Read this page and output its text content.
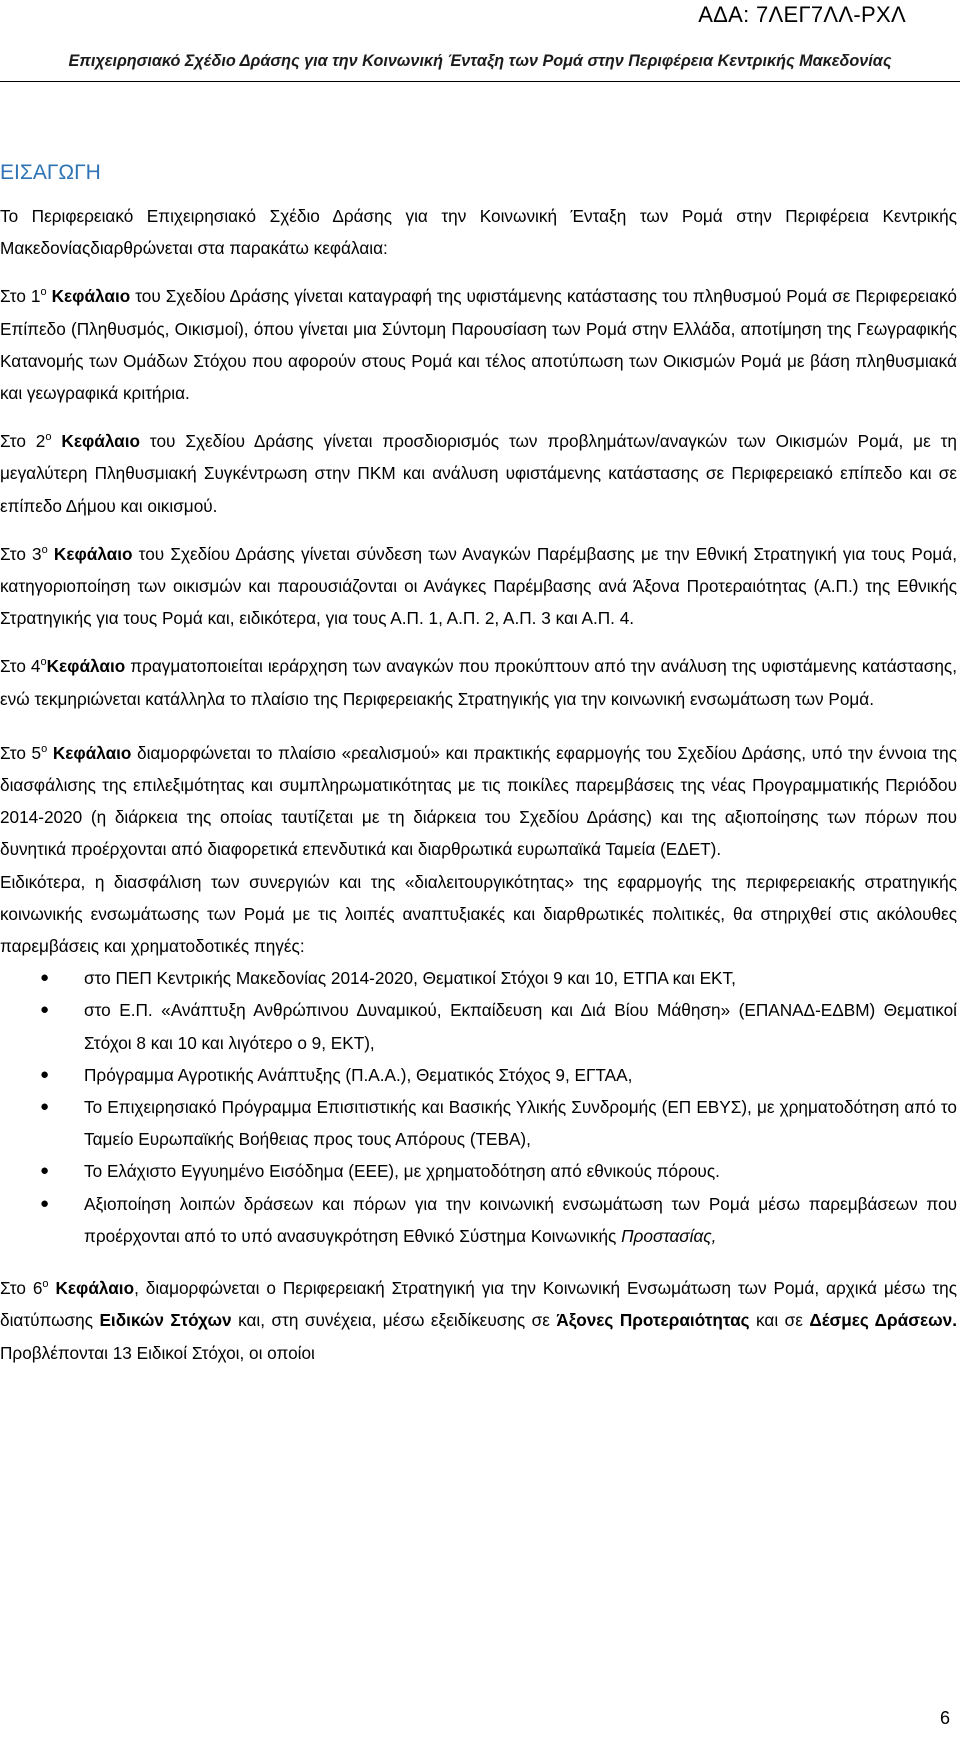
ΑΔΑ: 7ΛΕΓ7ΛΛ-ΡΧΛ
Επιχειρησιακό Σχέδιο Δράσης για την Κοινωνική Ένταξη των Ρομά στην Περιφέρεια Κεντρικής Μακεδονίας
ΕΙΣΑΓΩΓΗ

Το Περιφερειακό Επιχειρησιακό Σχέδιο Δράσης για την Κοινωνική Ένταξη των Ρομά στην Περιφέρεια Κεντρικής Μακεδονίαςδιαρθρώνεται στα παρακάτω κεφάλαια:

Στο $1^o$ Κεφάλαιο του Σχεδίου Δράσης γίνεται καταγραφή της υφιστάμενης κατάστασης του πληθυσμού Ρομά σε Περιφερειακό Επίπεδο (Πληθυσμός, Οικισμοί), όπου γίνεται μια Σύντομη Παρουσίαση των Ρομά στην Ελλάδα, αποτίμηση της Γεωγραφικής Κατανομής των Ομάδων Στόχου που αφορούν στους Ρομά και τέλος αποτύπωση των Οικισμών Ρομά με βάση πληθυσμιακά και γεωγραφικά κριτήρια.

Στο $2^o$ Κεφάλαιο του Σχεδίου Δράσης γίνεται προσδιορισμός των προβλημάτων/αναγκών των Οικισμών Ρομά, με τη μεγαλύτερη Πληθυσμιακή Συγκέντρωση στην ΠΚΜ και ανάλυση υφιστάμενης κατάστασης σε Περιφερειακό επίπεδο και σε επίπεδο Δήμου και οικισμού.

Στο $3^o$ Κεφάλαιο του Σχεδίου Δράσης γίνεται σύνδεση των Αναγκών Παρέμβασης με την Εθνική Στρατηγική για τους Ρομά, κατηγοριοποίηση των οικισμών και παρουσιάζονται οι Ανάγκες Παρέμβασης ανά Άξονα Προτεραιότητας (Α.Π.) της Εθνικής Στρατηγικής για τους Ρομά και, ειδικότερα, για τους Α.Π. 1, Α.Π. 2, Α.Π. 3 και Α.Π. 4.

Στο $4^oK\varepsilon\varphi ά\lambda\alpha\iota o$ πραγματοποιείται ιεράρχηση των αναγκών που προκύπτουν από την ανάλυση της υφιστάμενης κατάστασης, ενώ τεκμηριώνεται κατάλληλα το πλαίσιο της Περιφερειακής Στρατηγικής για την κοινωνική ενσωμάτωση των Ρομά.

Στο $5^o$ Κεφάλαιο διαμορφώνεται το πλαίσιο «ρεαλισμού» και πρακτικής εφαρμογής του Σχεδίου Δράσης, υπό την έννοια της διασφάλισης της επιλεξιμότητας και συμπληρωματικότητας με τις ποικίλες παρεμβάσεις της νέας Προγραμματικής Περιόδου 2014-2020 (η διάρκεια της οποίας ταυτίζεται με τη διάρκεια του Σχεδίου Δράσης) και της αξιοποίησης των πόρων που δυνητικά προέρχονται από διαφορετικά επενδυτικά και διαρθρωτικά ευρωπαϊκά Ταμεία (ΕΔΕΤ).

Ειδικότερα, η διασφάλιση των συνεργιών και της «διαλειτουργικότητας» της εφαρμογής της περιφερειακής στρατηγικής κοινωνικής ενσωμάτωσης των Ρομά με τις λοιπές αναπτυξιακές και διαρθρωτικές πολιτικές, θα στηριχθεί στις ακόλουθες παρεμβάσεις και χρηματοδοτικές πηγές:

● στο ΠΕΠ Κεντρικής Μακεδονίας 2014-2020, Θεματικοί Στόχοι 9 και 10, ΕΤΠΑ και ΕΚΤ,
● στο Ε.Π. «Ανάπτυξη Ανθρώπινου Δυναμικού, Εκπαίδευση και Διά Βίου Μάθηση» (ΕΠΑΝΑΔ-ΕΔΒΜ) Θεματικοί Στόχοι 8 και 10 και λιγότερο ο 9, ΕΚΤ),
● Πρόγραμμα Αγροτικής Ανάπτυξης (Π.Α.Α.), Θεματικός Στόχος 9, ΕΓΤΑΑ,
● Το Επιχειρησιακό Πρόγραμμα Επισιτιστικής και Βασικής Υλικής Συνδρομής (ΕΠ ΕΒΥΣ), με χρηματοδότηση από το Ταμείο Ευρωπαϊκής Βοήθειας προς τους Απόρους (ΤΕΒΑ),
● Το Ελάχιστο Εγγυημένο Εισόδημα (ΕΕΕ), με χρηματοδότηση από εθνικούς πόρους.
● Αξιοποίηση λοιπών δράσεων και πόρων για την κοινωνική ενσωμάτωση των Ρομά μέσω παρεμβάσεων που προέρχονται από το υπό ανασυγκρότηση Εθνικό Σύστημα Κοινωνικής Προστασίας,

Στο $6^o$ Κεφάλαιο, διαμορφώνεται ο Περιφερειακή Στρατηγική για την Κοινωνική Ενσωμάτωση των Ρομά, αρχικά μέσω της διατύπωσης Ειδικών Στόχων και, στη συνέχεια, μέσω εξειδίκευσης σε Άξονες Προτεραιότητας και σε Δέσμες Δράσεων. Προβλέπονται 13 Ειδικοί Στόχοι, οι οποίοι

6
